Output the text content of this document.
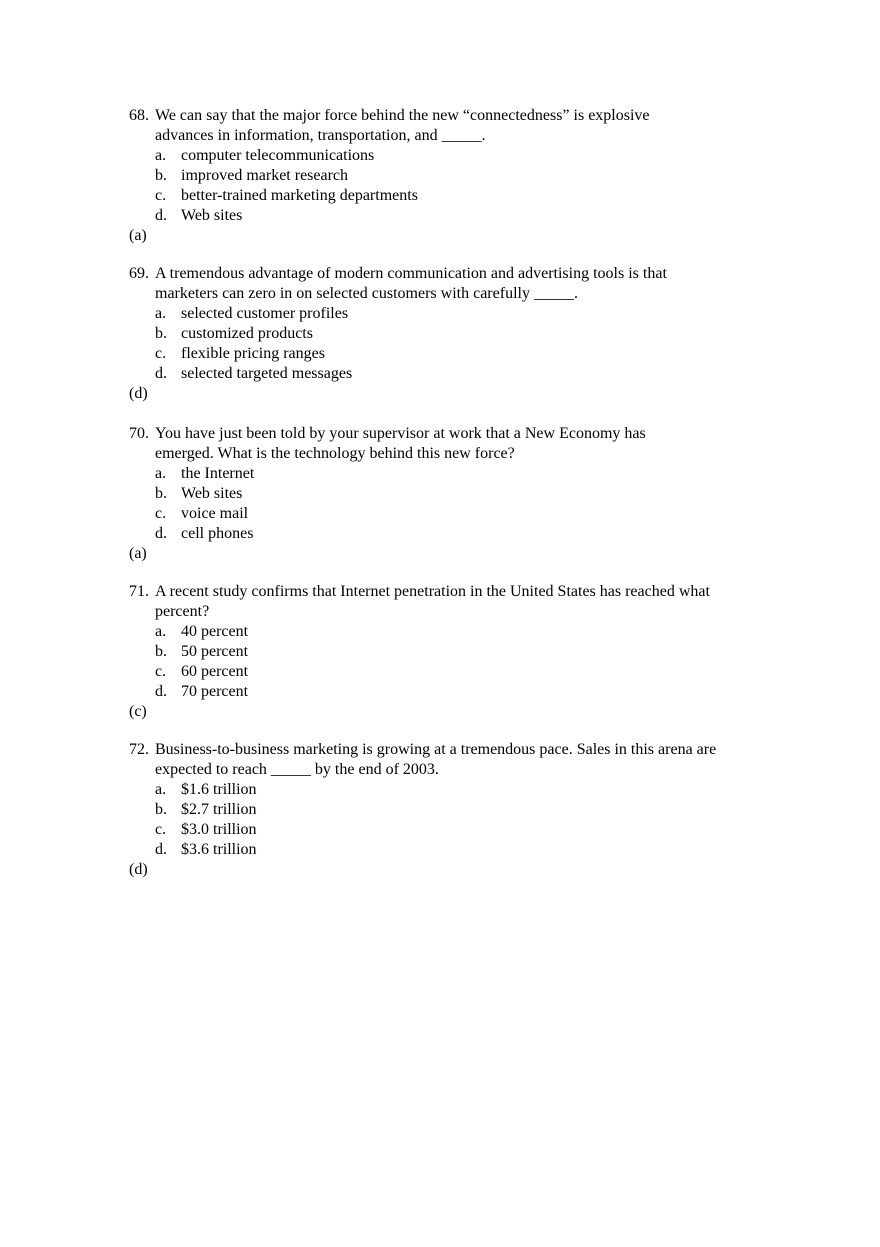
68. We can say that the major force behind the new “connectedness” is explosive advances in information, transportation, and _____.
a. computer telecommunications
b. improved market research
c. better-trained marketing departments
d. Web sites
(a)
69. A tremendous advantage of modern communication and advertising tools is that marketers can zero in on selected customers with carefully _____.
a. selected customer profiles
b. customized products
c. flexible pricing ranges
d. selected targeted messages
(d)
70. You have just been told by your supervisor at work that a New Economy has emerged. What is the technology behind this new force?
a. the Internet
b. Web sites
c. voice mail
d. cell phones
(a)
71. A recent study confirms that Internet penetration in the United States has reached what percent?
a. 40 percent
b. 50 percent
c. 60 percent
d. 70 percent
(c)
72. Business-to-business marketing is growing at a tremendous pace. Sales in this arena are expected to reach _____ by the end of 2003.
a. $1.6 trillion
b. $2.7 trillion
c. $3.0 trillion
d. $3.6 trillion
(d)
